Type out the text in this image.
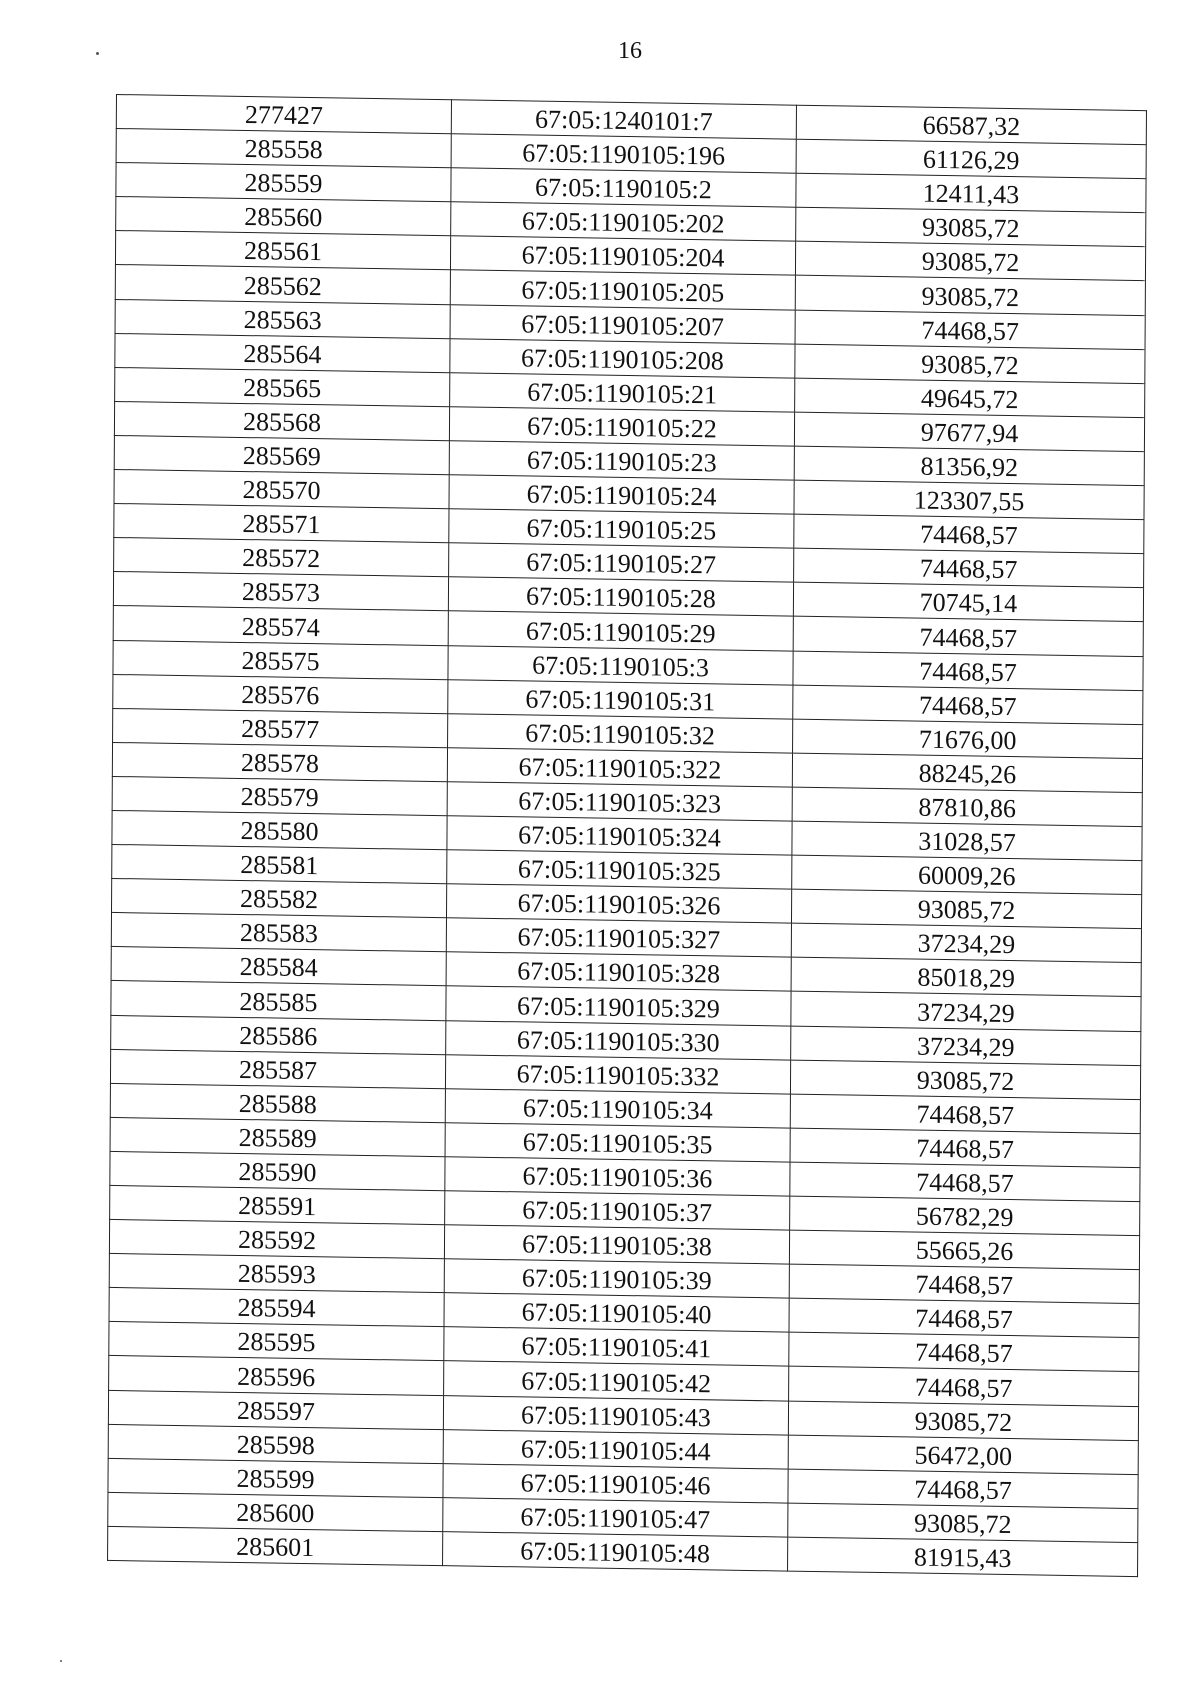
16
277427	67:05:1240101:7	66587,32
285558	67:05:1190105:196	61126,29
285559	67:05:1190105:2	12411,43
285560	67:05:1190105:202	93085,72
285561	67:05:1190105:204	93085,72
285562	67:05:1190105:205	93085,72
285563	67:05:1190105:207	74468,57
285564	67:05:1190105:208	93085,72
285565	67:05:1190105:21	49645,72
285568	67:05:1190105:22	97677,94
285569	67:05:1190105:23	81356,92
285570	67:05:1190105:24	123307,55
285571	67:05:1190105:25	74468,57
285572	67:05:1190105:27	74468,57
285573	67:05:1190105:28	70745,14
285574	67:05:1190105:29	74468,57
285575	67:05:1190105:3	74468,57
285576	67:05:1190105:31	74468,57
285577	67:05:1190105:32	71676,00
285578	67:05:1190105:322	88245,26
285579	67:05:1190105:323	87810,86
285580	67:05:1190105:324	31028,57
285581	67:05:1190105:325	60009,26
285582	67:05:1190105:326	93085,72
285583	67:05:1190105:327	37234,29
285584	67:05:1190105:328	85018,29
285585	67:05:1190105:329	37234,29
285586	67:05:1190105:330	37234,29
285587	67:05:1190105:332	93085,72
285588	67:05:1190105:34	74468,57
285589	67:05:1190105:35	74468,57
285590	67:05:1190105:36	74468,57
285591	67:05:1190105:37	56782,29
285592	67:05:1190105:38	55665,26
285593	67:05:1190105:39	74468,57
285594	67:05:1190105:40	74468,57
285595	67:05:1190105:41	74468,57
285596	67:05:1190105:42	74468,57
285597	67:05:1190105:43	93085,72
285598	67:05:1190105:44	56472,00
285599	67:05:1190105:46	74468,57
285600	67:05:1190105:47	93085,72
285601	67:05:1190105:48	81915,43
